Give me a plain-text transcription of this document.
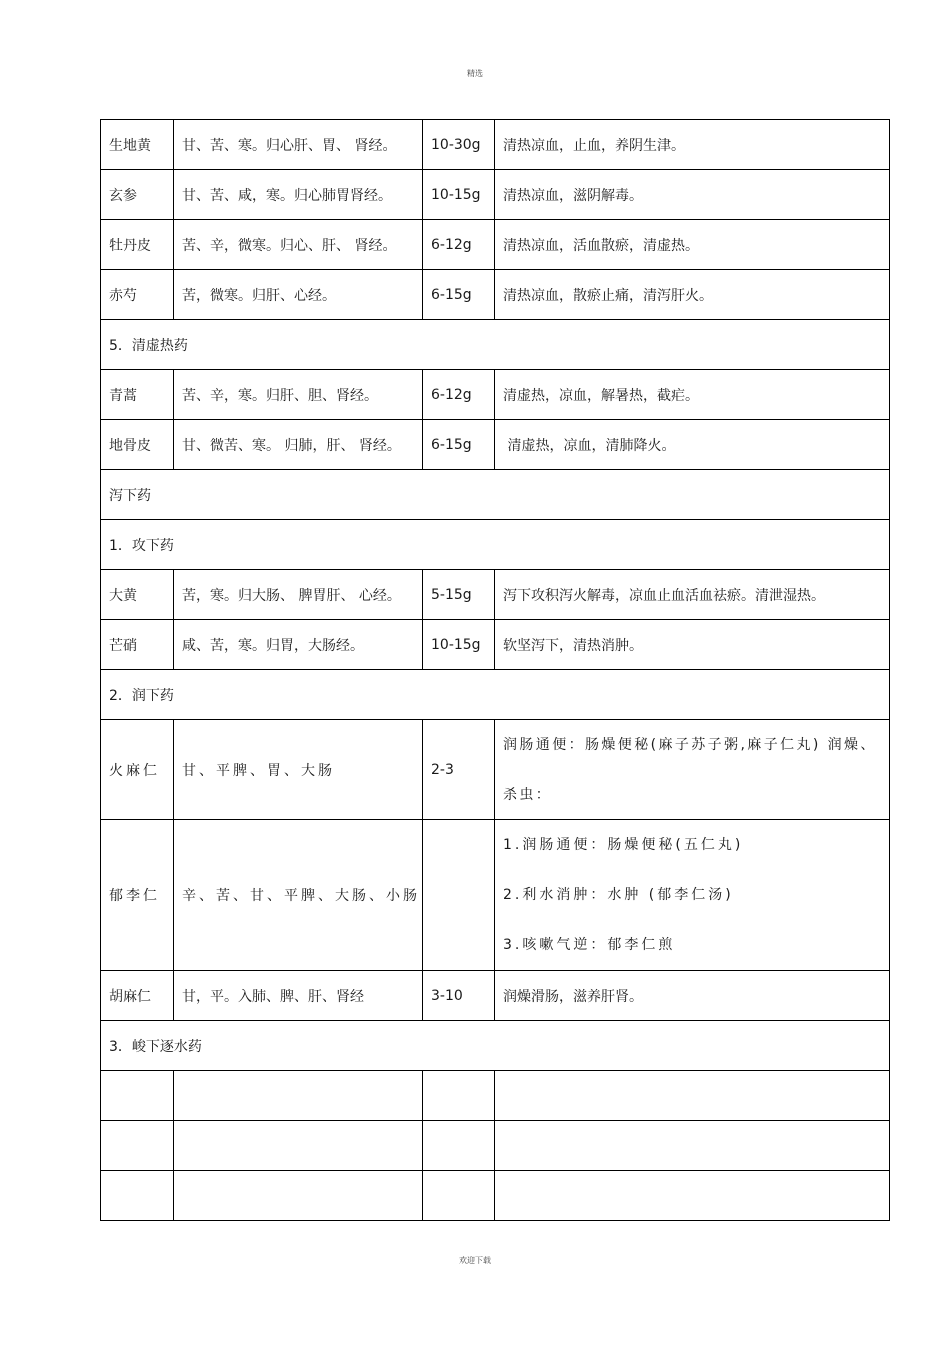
精选
生地黄	甘、苦、寒。归心肝、胃、 肾经。	10-30g	清热凉血，止血，养阴生津。
玄参	甘、苦、咸，寒。归心肺胃肾经。	10-15g	清热凉血，滋阴解毒。
牡丹皮	苦、辛，微寒。归心、肝、 肾经。	6-12g	清热凉血，活血散瘀，清虚热。
赤芍	苦，微寒。归肝、心经。	6-15g	清热凉血，散瘀止痛，清泻肝火。
5．清虚热药			
青蒿	苦、辛，寒。归肝、胆、肾经。	6-12g	清虚热，凉血，解暑热，截疟。
地骨皮	甘、微苦、寒。 归肺，肝、 肾经。	6-15g	清虚热，凉血，清肺降火。
泻下药			
1．攻下药			
大黄	苦，寒。归大肠、 脾胃肝、 心经。	5-15g	泻下攻积泻火解毒，凉血止血活血祛瘀。清泄湿热。
芒硝	咸、苦，寒。归胃，大肠经。	10-15g	软坚泻下，清热消肿。
2．润下药			
火麻仁	甘、平脾、胃、大肠	2-3	润肠通便：肠燥便秘(麻子苏子粥,麻子仁丸) 润燥、
杀虫：

郁李仁	辛、苦、甘、平脾、大肠、小肠		1.润肠通便：肠燥便秘(五仁丸)
2.利水消肿：水肿 (郁李仁汤)
3.咳嗽气逆：郁李仁煎

胡麻仁	甘，平。入肺、脾、肝、肾经	3-10	润燥滑肠，滋养肝肾。
3．峻下逐水药			

欢迎下载
